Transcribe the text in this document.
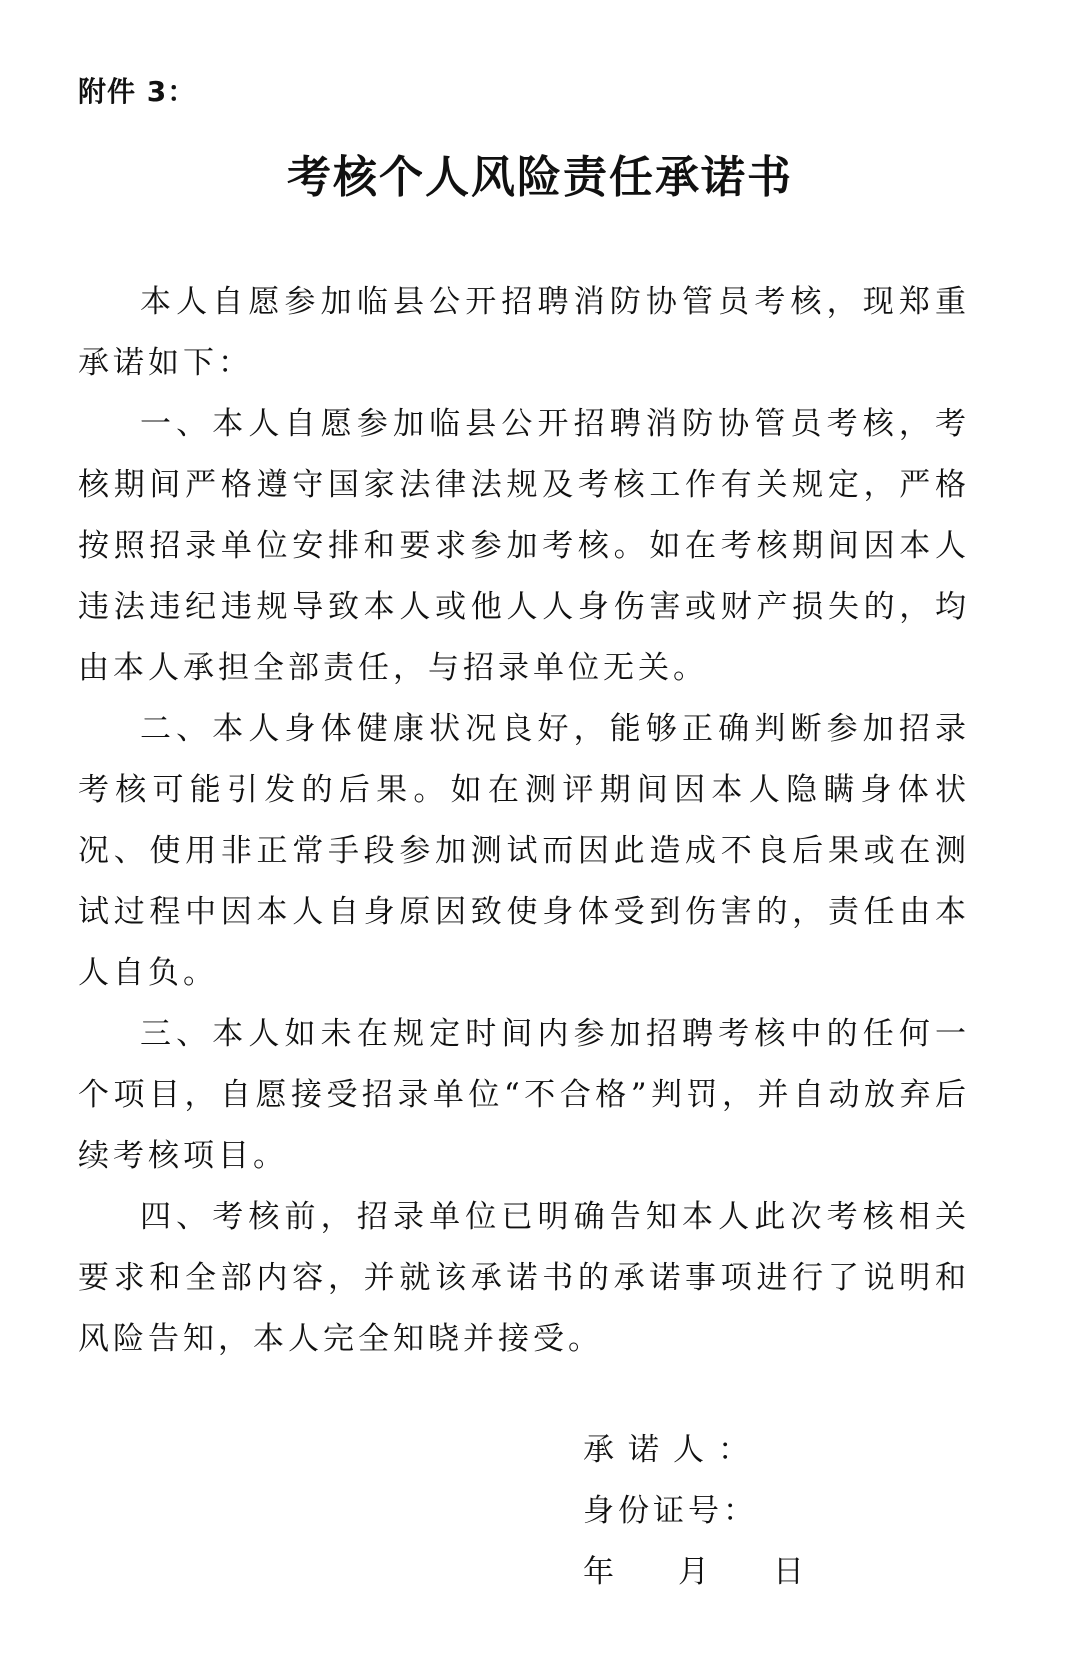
附件 3：
考核个人风险责任承诺书

本人自愿参加临县公开招聘消防协管员考核，现郑重承诺如下：

一、本人自愿参加临县公开招聘消防协管员考核，考核期间严格遵守国家法律法规及考核工作有关规定，严格按照招录单位安排和要求参加考核。如在考核期间因本人违法违纪违规导致本人或他人人身伤害或财产损失的，均由本人承担全部责任，与招录单位无关。

二、本人身体健康状况良好，能够正确判断参加招录考核可能引发的后果。如在测评期间因本人隐瞒身体状况、使用非正常手段参加测试而因此造成不良后果或在测试过程中因本人自身原因致使身体受到伤害的，责任由本人自负。

三、本人如未在规定时间内参加招聘考核中的任何一个项目，自愿接受招录单位“不合格”判罚，并自动放弃后续考核项目。

四、考核前，招录单位已明确告知本人此次考核相关要求和全部内容，并就该承诺书的承诺事项进行了说明和风险告知，本人完全知晓并接受。

承诺人：
身份证号：
年 月 日
